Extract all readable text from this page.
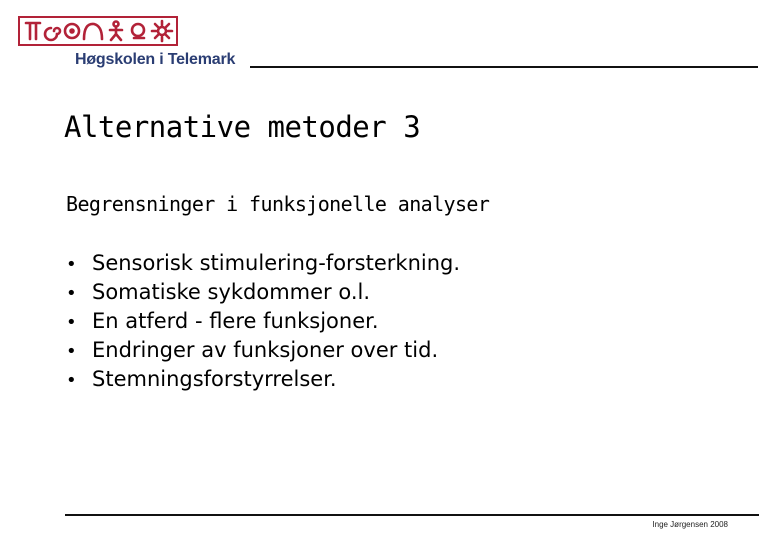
Høgskolen i Telemark
Alternative metoder 3
Begrensninger i funksjonelle analyser
• Sensorisk stimulering-forsterkning.
• Somatiske sykdommer o.l.
• En atferd - flere funksjoner.
• Endringer av funksjoner over tid.
• Stemningsforstyrrelser.
Inge Jørgensen 2008
